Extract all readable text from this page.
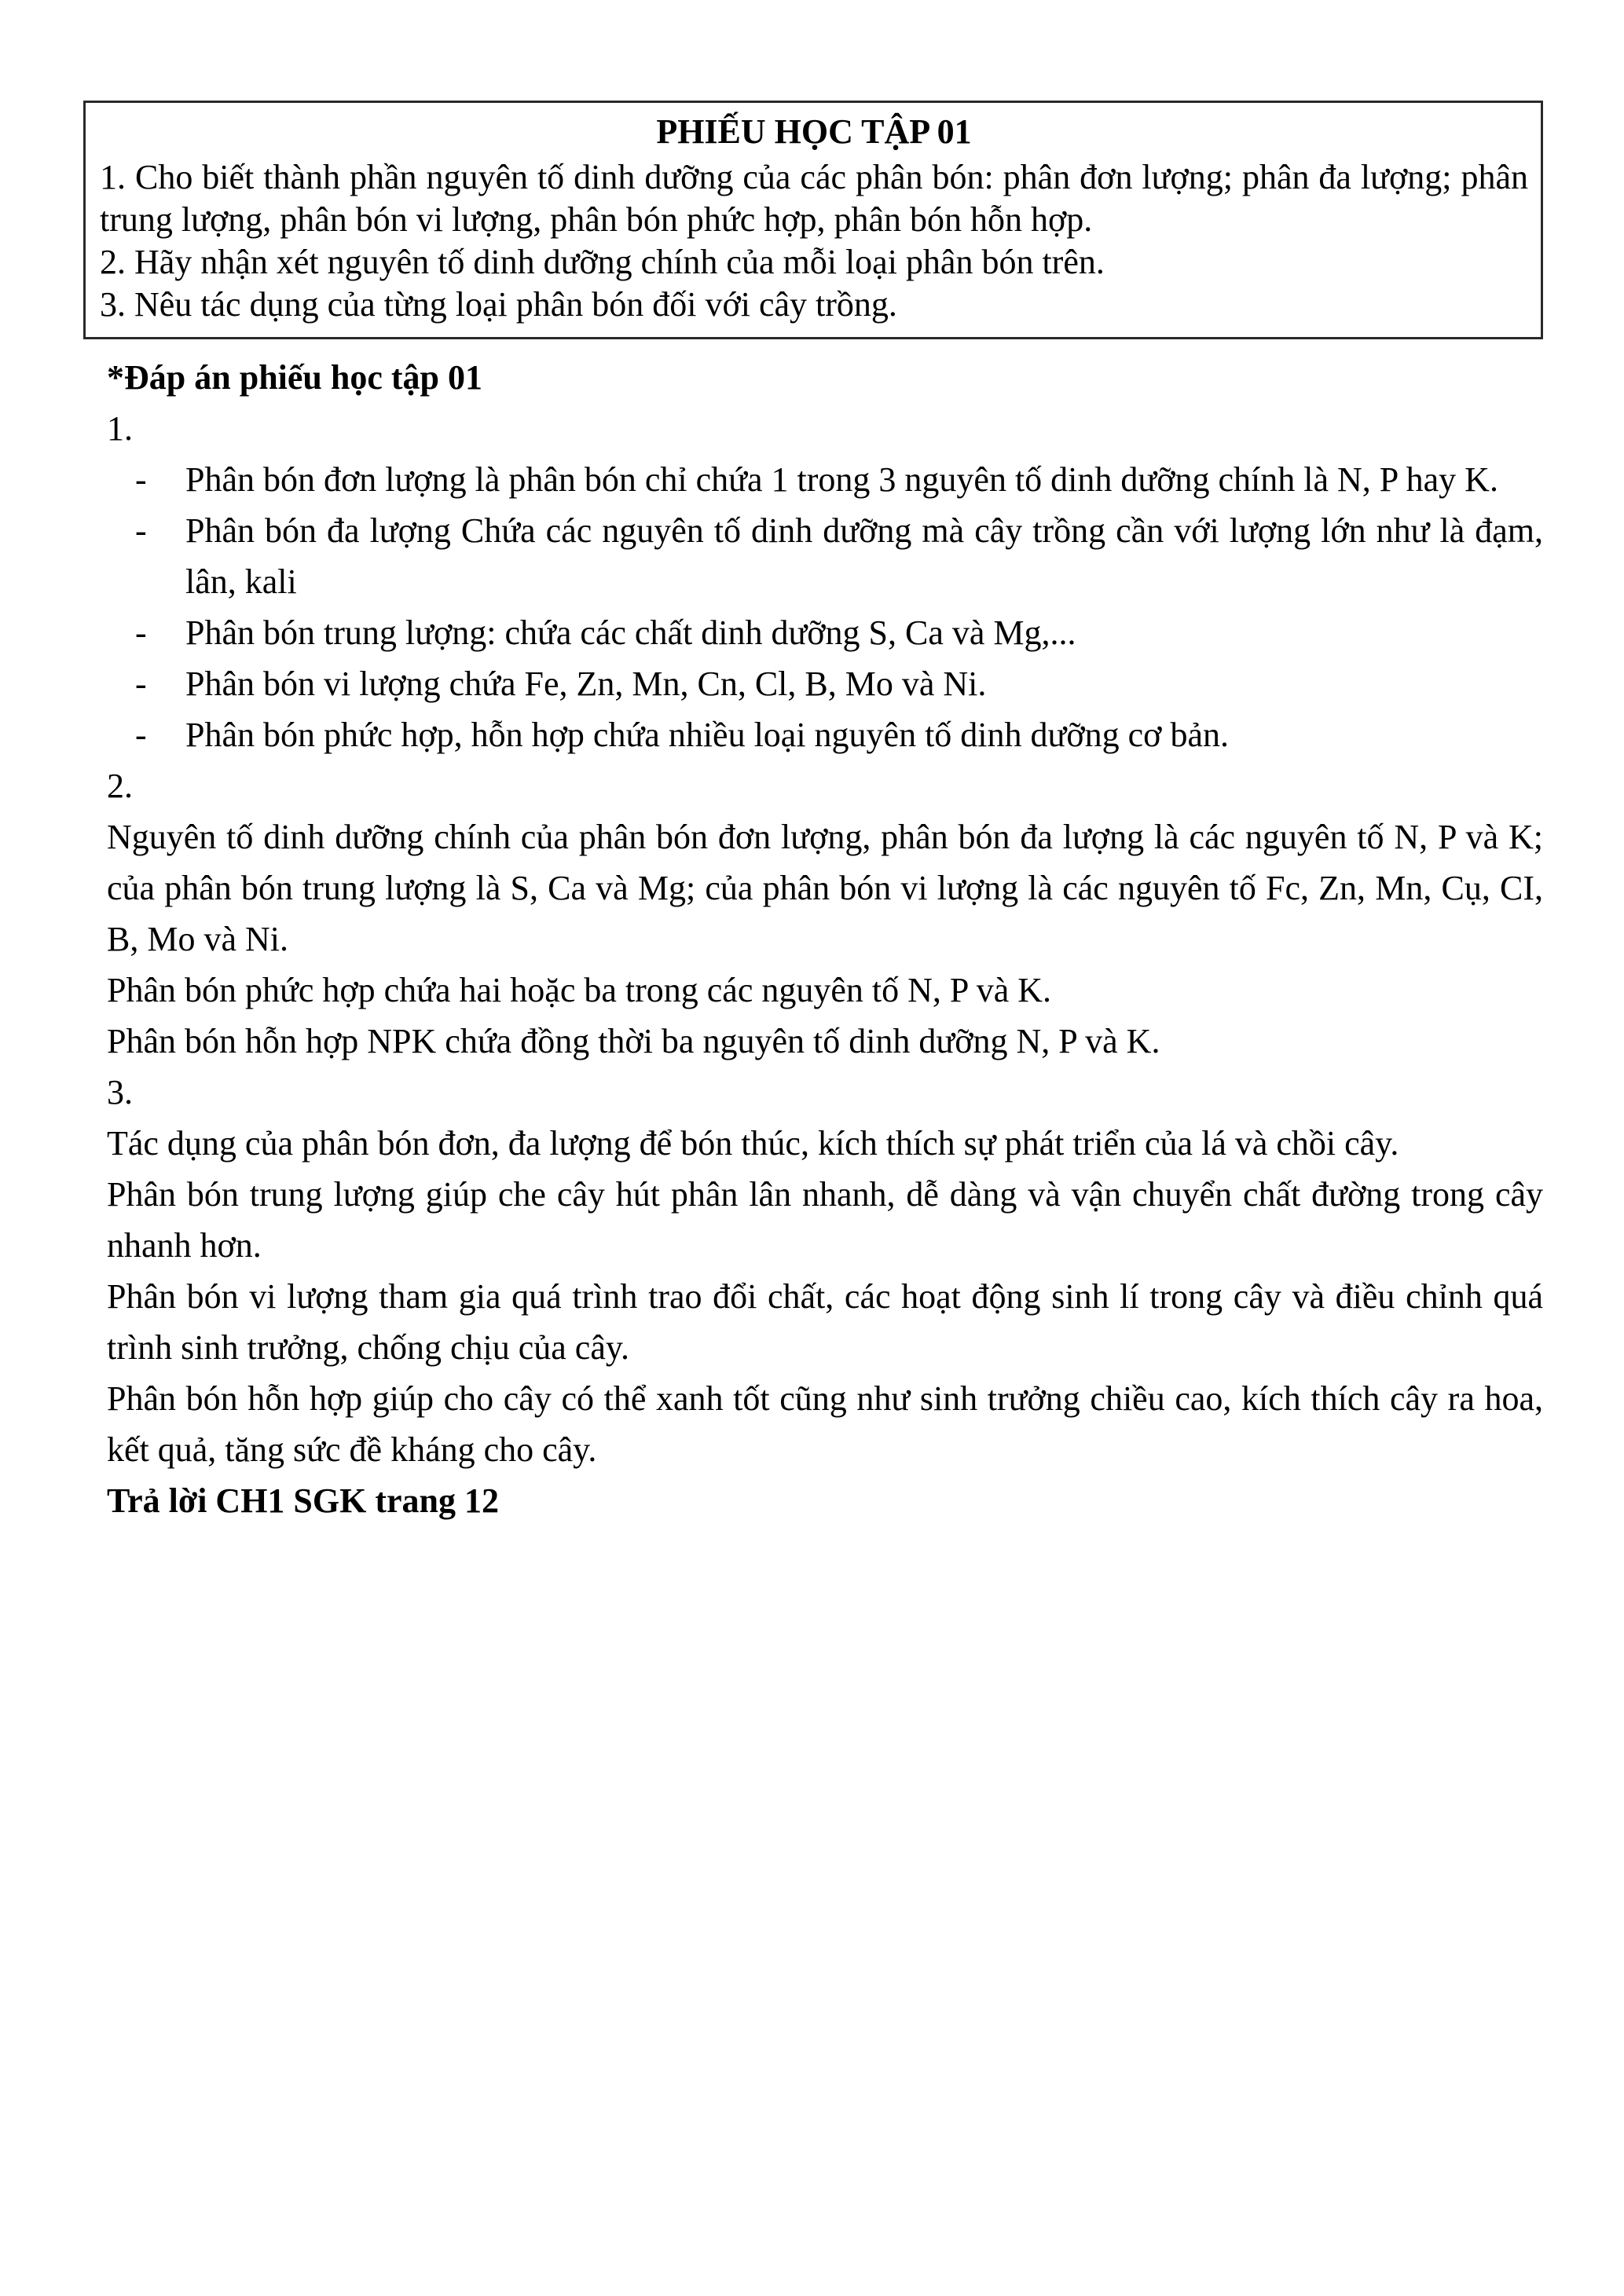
PHIẾU HỌC TẬP 01

1. Cho biết thành phần nguyên tố dinh dưỡng của các phân bón: phân đơn lượng; phân đa lượng; phân trung lượng, phân bón vi lượng, phân bón phức hợp, phân bón hỗn hợp.

2. Hãy nhận xét nguyên tố dinh dưỡng chính của mỗi loại phân bón trên.

3. Nêu tác dụng của từng loại phân bón đối với cây trồng.

*Đáp án phiếu học tập 01

1.

- Phân bón đơn lượng là phân bón chỉ chứa 1 trong 3 nguyên tố dinh dưỡng chính là N, P hay K.
- Phân bón đa lượng Chứa các nguyên tố dinh dưỡng mà cây trồng cần với lượng lớn như là đạm, lân, kali
- Phân bón trung lượng: chứa các chất dinh dưỡng S, Ca và Mg,...
- Phân bón vi lượng chứa Fe, Zn, Mn, Cn, Cl, B, Mo và Ni.
- Phân bón phức hợp, hỗn hợp chứa nhiều loại nguyên tố dinh dưỡng cơ bản.

2.

Nguyên tố dinh dưỡng chính của phân bón đơn lượng, phân bón đa lượng là các nguyên tố N, P và K; của phân bón trung lượng là S, Ca và Mg; của phân bón vi lượng là các nguyên tố Fc, Zn, Mn, Cụ, CI, B, Mo và Ni.

Phân bón phức hợp chứa hai hoặc ba trong các nguyên tố N, P và K.

Phân bón hỗn hợp NPK chứa đồng thời ba nguyên tố dinh dưỡng N, P và K.

3.

Tác dụng của phân bón đơn, đa lượng để bón thúc, kích thích sự phát triển của lá và chồi cây.

Phân bón trung lượng giúp che cây hút phân lân nhanh, dễ dàng và vận chuyển chất đường trong cây nhanh hơn.

Phân bón vi lượng tham gia quá trình trao đổi chất, các hoạt động sinh lí trong cây và điều chỉnh quá trình sinh trưởng, chống chịu của cây.

Phân bón hỗn hợp giúp cho cây có thể xanh tốt cũng như sinh trưởng chiều cao, kích thích cây ra hoa, kết quả, tăng sức đề kháng cho cây.

Trả lời CH1 SGK trang 12
